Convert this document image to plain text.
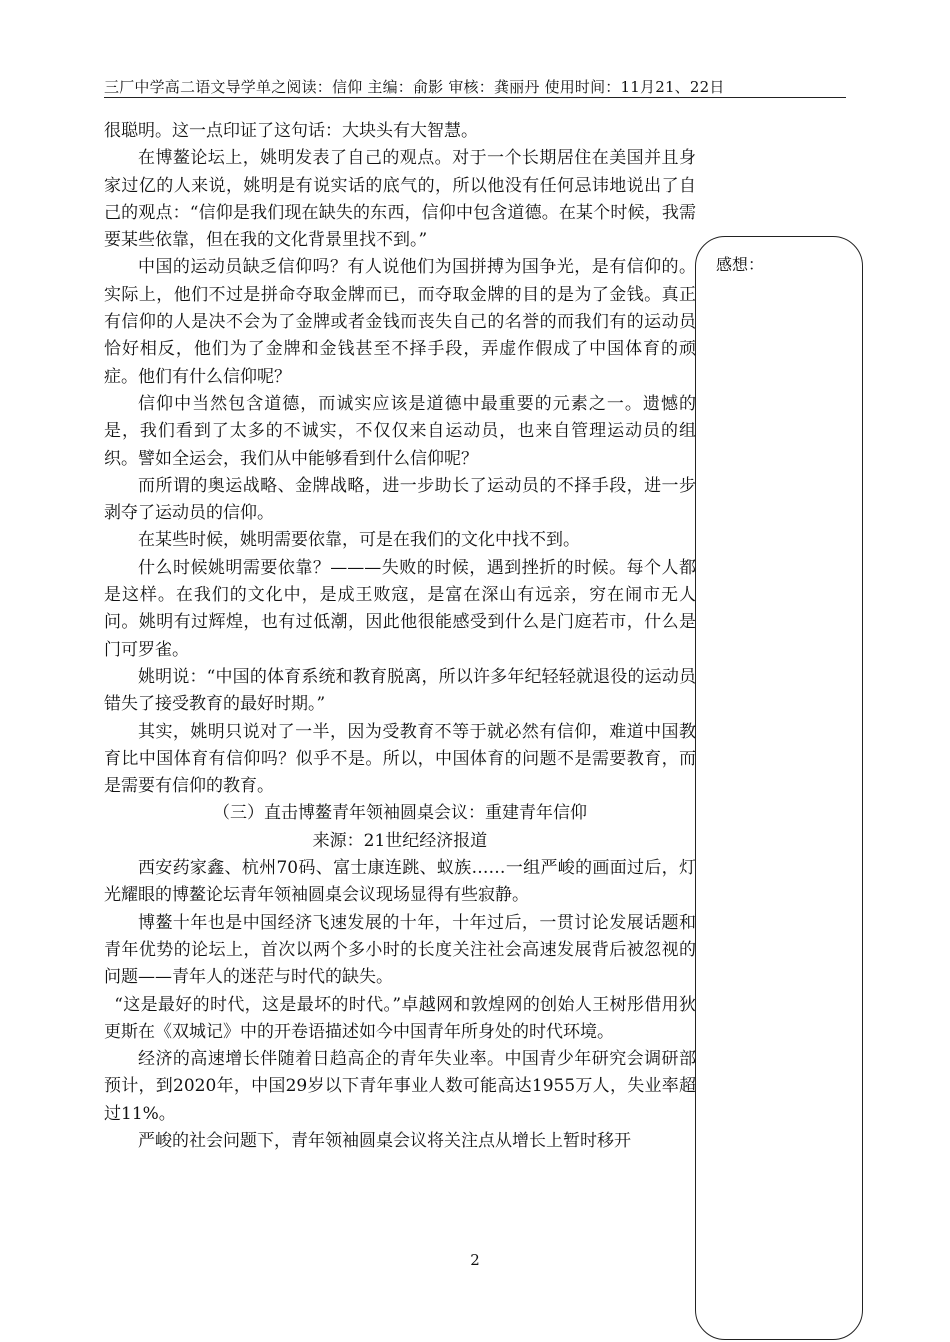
三厂中学高二语文导学单之阅读：信仰 主编：俞影 审核：龚丽丹 使用时间：11月21、22日

很聪明。这一点印证了这句话：大块头有大智慧。

在博鳌论坛上，姚明发表了自己的观点。对于一个长期居住在美国并且身家过亿的人来说，姚明是有说实话的底气的，所以他没有任何忌讳地说出了自己的观点：“信仰是我们现在缺失的东西，信仰中包含道德。在某个时候，我需要某些依靠，但在我的文化背景里找不到。”

中国的运动员缺乏信仰吗？有人说他们为国拼搏为国争光，是有信仰的。实际上，他们不过是拼命夺取金牌而已，而夺取金牌的目的是为了金钱。真正有信仰的人是决不会为了金牌或者金钱而丧失自己的名誉的而我们有的运动员恰好相反，他们为了金牌和金钱甚至不择手段，弄虚作假成了中国体育的顽症。他们有什么信仰呢？

信仰中当然包含道德，而诚实应该是道德中最重要的元素之一。遗憾的是，我们看到了太多的不诚实，不仅仅来自运动员，也来自管理运动员的组织。譬如全运会，我们从中能够看到什么信仰呢？

而所谓的奥运战略、金牌战略，进一步助长了运动员的不择手段，进一步剥夺了运动员的信仰。

在某些时候，姚明需要依靠，可是在我们的文化中找不到。

什么时候姚明需要依靠？———失败的时候，遇到挫折的时候。每个人都是这样。在我们的文化中，是成王败寇，是富在深山有远亲，穷在闹市无人问。姚明有过辉煌，也有过低潮，因此他很能感受到什么是门庭若市，什么是门可罗雀。

姚明说：“中国的体育系统和教育脱离，所以许多年纪轻轻就退役的运动员错失了接受教育的最好时期。”

其实，姚明只说对了一半，因为受教育不等于就必然有信仰，难道中国教育比中国体育有信仰吗？似乎不是。所以，中国体育的问题不是需要教育，而是需要有信仰的教育。

（三）直击博鳌青年领袖圆桌会议：重建青年信仰

来源：21世纪经济报道

西安药家鑫、杭州70码、富士康连跳、蚁族……一组严峻的画面过后，灯光耀眼的博鳌论坛青年领袖圆桌会议现场显得有些寂静。

博鳌十年也是中国经济飞速发展的十年，十年过后，一贯讨论发展话题和青年优势的论坛上，首次以两个多小时的长度关注社会高速发展背后被忽视的问题——青年人的迷茫与时代的缺失。

“这是最好的时代，这是最坏的时代。”卓越网和敦煌网的创始人王树彤借用狄更斯在《双城记》中的开卷语描述如今中国青年所身处的时代环境。

经济的高速增长伴随着日趋高企的青年失业率。中国青少年研究会调研部预计，到2020年，中国29岁以下青年事业人数可能高达1955万人，失业率超过11%。

严峻的社会问题下，青年领袖圆桌会议将关注点从增长上暂时移开

感想：
2
